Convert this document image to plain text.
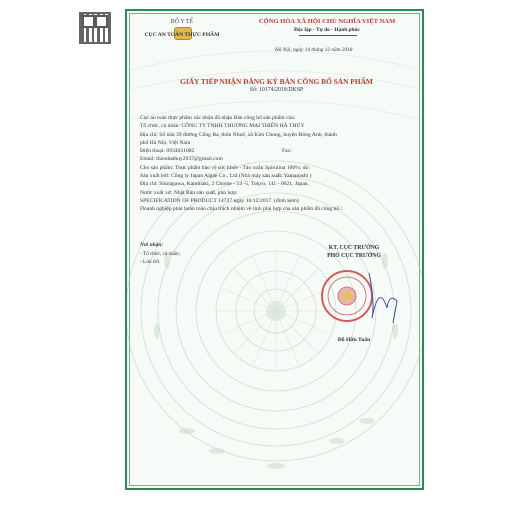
BỘ Y TẾ
CỤC AN TOÀN THỰC PHẨM
CỘNG HÒA XÃ HỘI CHỦ NGHĨA VIỆT NAM
Độc lập - Tự do - Hạnh phúc
Hà Nội, ngày 14 tháng 12 năm 2018
GIẤY TIẾP NHẬN ĐĂNG KÝ BẢN CÔNG BỐ SẢN PHẨM
Số: 10174/2018/DKSP
Cục an toàn thực phẩm xác nhận đã nhận Bản công bố sản phẩm của:
Tổ chức, cá nhân: CÔNG TY TNHH THƯƠNG MẠI THIÊN HÀ THỦY
Địa chỉ: Số nhà 39 đường Cống Ba, thôn Nhuế, xã Kim Chung, huyện Đông Anh, thành
phố Hà Nội, Việt Nam
Điện thoại: 0934031082	Fax:
Email: thienhathuy2937@gmail.com
Cho sản phẩm: Thực phẩm bảo vệ sức khỏe - Tảo xoắn Spirulina 100%; do:
Sản xuất bởi: Công ty Japan Algae Co., Ltd (Nhà máy sản xuất: Yamanashi )
Địa chỉ: Shinagawa, Kaminaki, 2 Chome - 14 -5, Tokyo, 141 - 0021, Japan.
Nước xuất xứ: Nhật Bản sản xuất, phù hợp:
SPECIFICATION OF PRODUCT 14727 ngày 16/12/2017. (đính kèm)
Doanh nghiệp phải hoàn toàn chịu trách nhiệm về tính phù hợp của sản phẩm đã công bố./.
Nơi nhận:
- Tổ chức, cá nhân;
- Lưu trữ.
KT. CỤC TRƯỞNG
PHÓ CỤC TRƯỞNG
Đỗ Hữu Tuấn
